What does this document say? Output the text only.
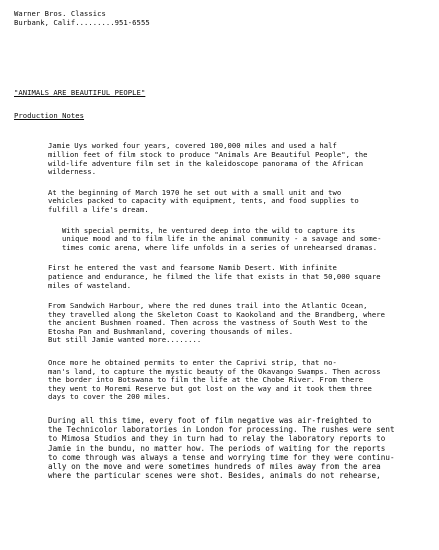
Warner Bros. Classics
Burbank, Calif.........951-6555
"ANIMALS ARE BEAUTIFUL PEOPLE"
Production Notes
Jamie Uys worked four years, covered 100,000 miles and used a half
million feet of film stock to produce "Animals Are Beautiful People", the
wild-life adventure film set in the kaleidoscope panorama of the African
wilderness.
At the beginning of March 1970 he set out with a small unit and two
vehicles packed to capacity with equipment, tents, and food supplies to
fulfill a life's dream.
With special permits, he ventured deep into the wild to capture its
unique mood and to film life in the animal community - a savage and some-
times comic arena, where life unfolds in a series of unrehearsed dramas.
First he entered the vast and fearsome Namib Desert. With infinite
patience and endurance, he filmed the life that exists in that 50,000 square
miles of wasteland.
From Sandwich Harbour, where the red dunes trail into the Atlantic Ocean,
they travelled along the Skeleton Coast to Kaokoland and the Brandberg, where
the ancient Bushmen roamed. Then across the vastness of South West to the
Etosha Pan and Bushmanland, covering thousands of miles.
But still Jamie wanted more........
Once more he obtained permits to enter the Caprivi strip, that no-
man's land, to capture the mystic beauty of the Okavango Swamps. Then across
the border into Botswana to film the life at the Chobe River. From there
they went to Moremi Reserve but got lost on the way and it took them three
days to cover the 200 miles.
During all this time, every foot of film negative was air-freighted to
the Technicolor laboratories in London for processing. The rushes were sent
to Mimosa Studios and they in turn had to relay the laboratory reports to
Jamie in the bundu, no matter how. The periods of waiting for the reports
to come through was always a tense and worrying time for they were continu-
ally on the move and were sometimes hundreds of miles away from the area
where the particular scenes were shot. Besides, animals do not rehearse,
